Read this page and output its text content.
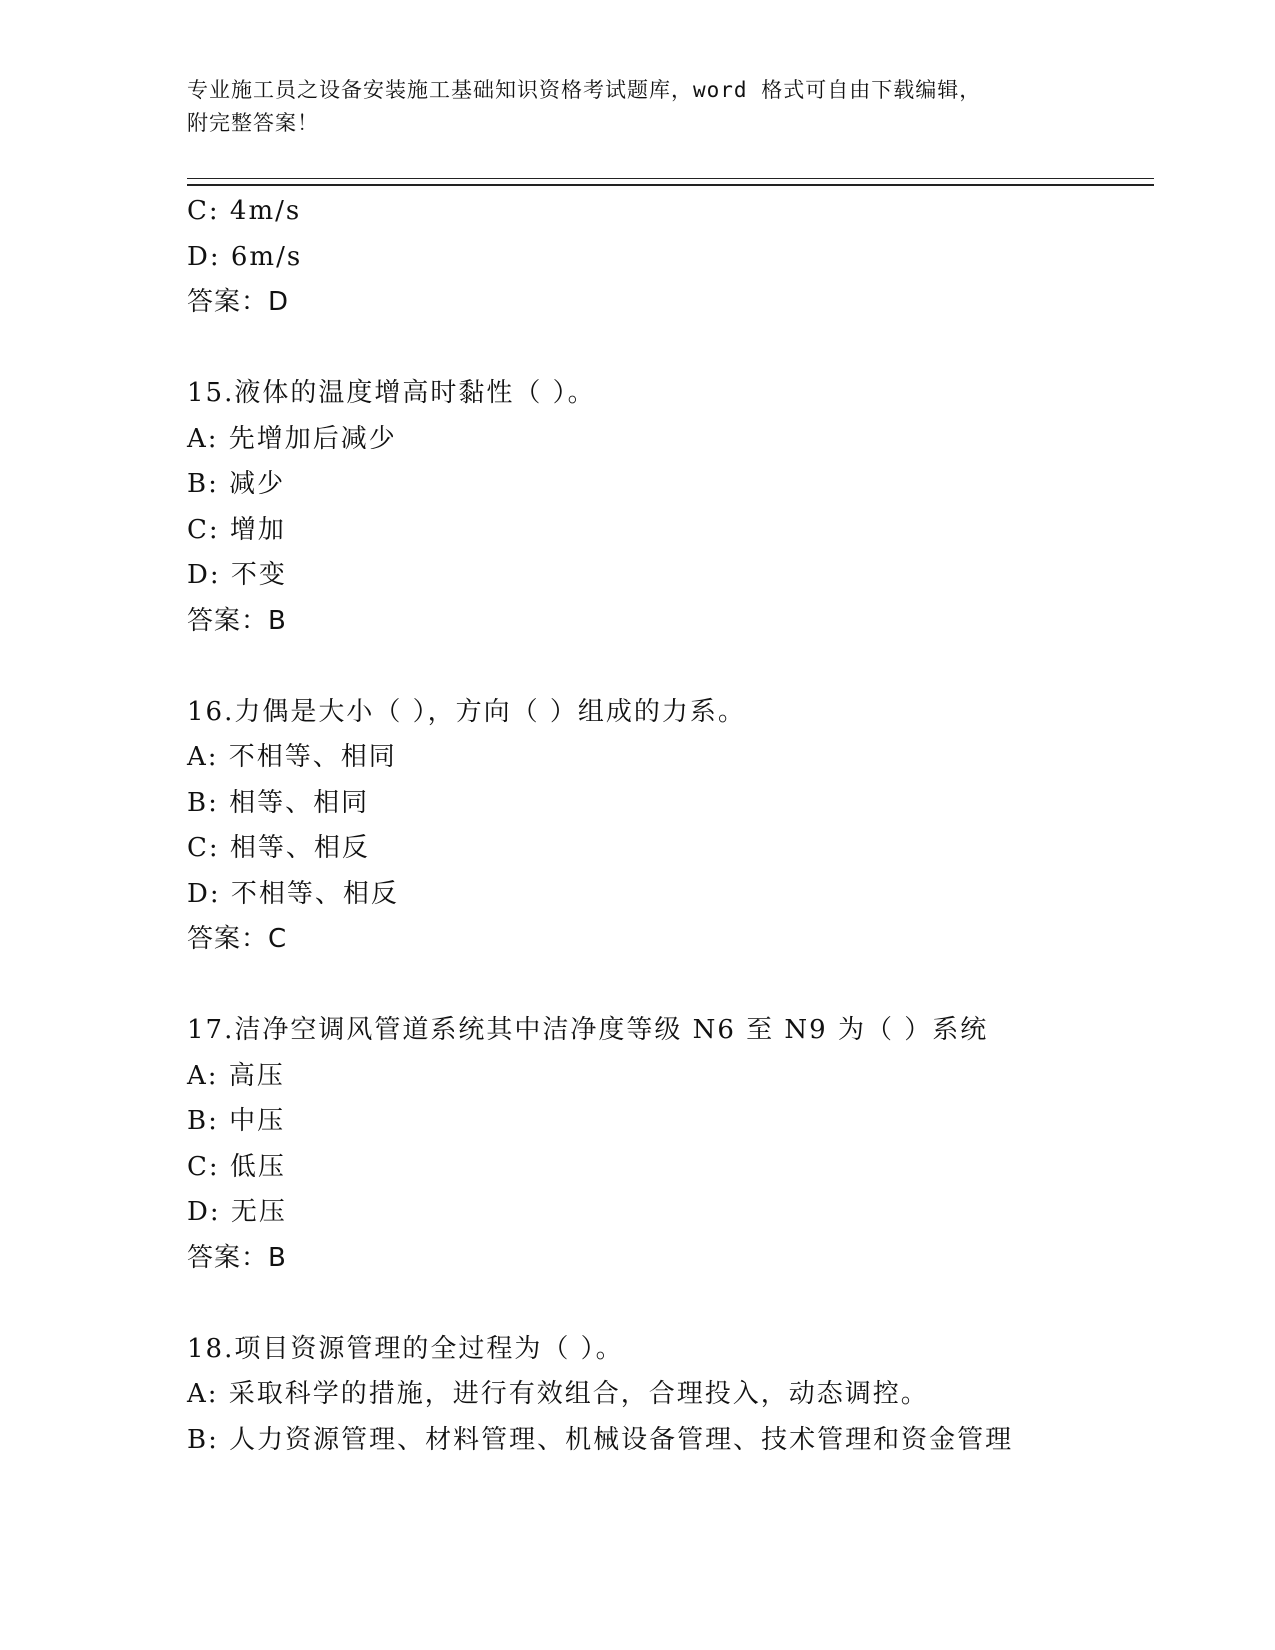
专业施工员之设备安装施工基础知识资格考试题库，word 格式可自由下载编辑，
附完整答案！
C: 4m/s
D: 6m/s
答案：D
15.液体的温度增高时黏性（ ）。
A: 先增加后减少
B: 减少
C: 增加
D: 不变
答案：B
16.力偶是大小（ ），方向（ ）组成的力系。
A: 不相等、相同
B: 相等、相同
C: 相等、相反
D: 不相等、相反
答案：C
17.洁净空调风管道系统其中洁净度等级 N6 至 N9 为（ ）系统
A: 高压
B: 中压
C: 低压
D: 无压
答案：B
18.项目资源管理的全过程为（ ）。
A: 采取科学的措施，进行有效组合，合理投入，动态调控。
B: 人力资源管理、材料管理、机械设备管理、技术管理和资金管理
